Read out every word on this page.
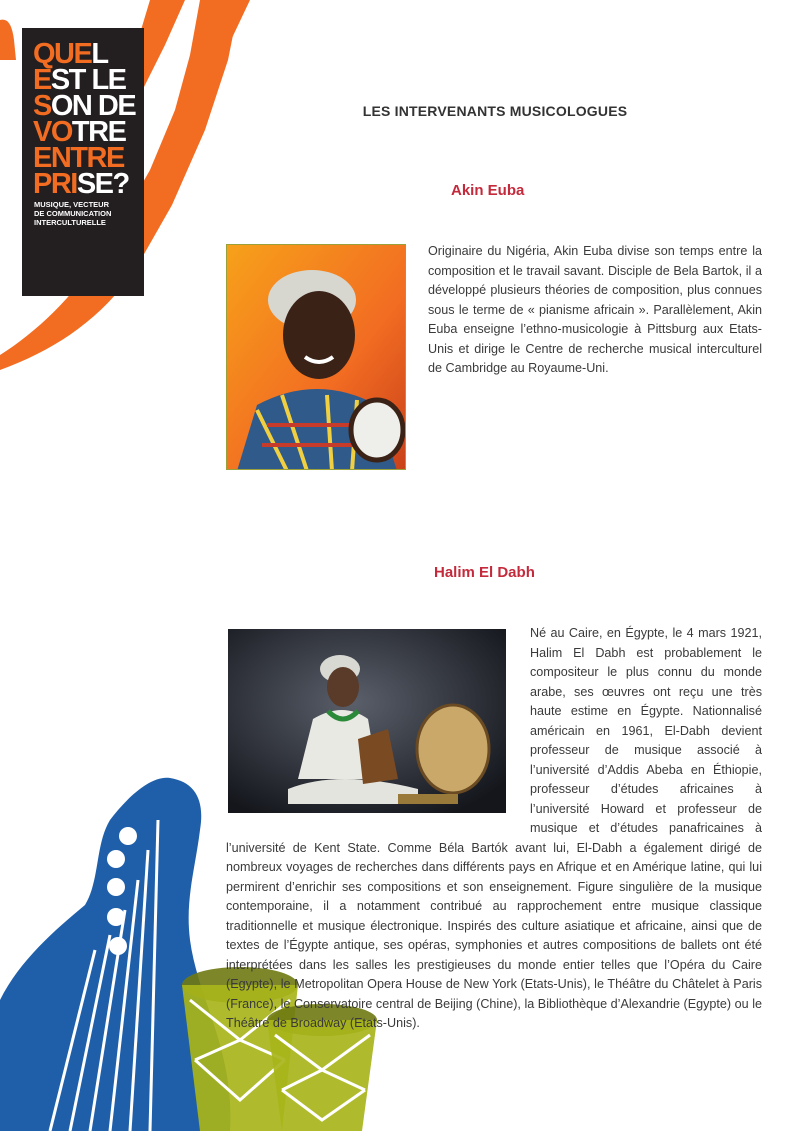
QUEL
EST LE
SON DE
VOTRE
ENTRE
PRISE?
MUSIQUE, VECTEUR
DE COMMUNICATION
INTERCULTURELLE
LES INTERVENANTS MUSICOLOGUES
Akin Euba

Originaire du Nigéria, Akin Euba divise son temps entre la composition et le travail savant. Disciple de Bela Bartok, il a développé plusieurs théories de composition, plus connues sous le terme de « pianisme africain ». Parallèlement, Akin Euba enseigne l’ethno-musicologie à Pittsburg aux Etats-Unis et dirige le Centre de recherche musical interculturel de Cambridge au Royaume-Uni.

Halim El Dabh

Né au Caire, en Égypte, le 4 mars 1921, Halim El Dabh est probablement le compositeur le plus connu du monde arabe, ses œuvres ont reçu une très haute estime en Égypte. Nationnalisé américain en 1961, El-Dabh devient professeur de musique associé à l’université d’Addis Abeba en Éthiopie, professeur d’études africaines à l’université Howard et professeur de musique et d’études panafricaines à l’université de Kent State. Comme Béla Bartók avant lui, El-Dabh a également dirigé de nombreux voyages de recherches dans différents pays en Afrique et en Amérique latine, qui lui permirent d’enrichir ses compositions et son enseignement. Figure singulière de la musique contemporaine, il a notamment contribué au rapprochement entre musique classique traditionnelle et musique électronique. Inspirés des culture asiatique et africaine, ainsi que de textes de l’Égypte antique, ses opéras, symphonies et autres compositions de ballets ont été interprétées dans les salles les prestigieuses du monde entier telles que l’Opéra du Caire (Egypte), le Metropolitan Opera House de New York (Etats-Unis), le Théâtre du Châtelet à Paris (France), le Conservatoire central de Beijing (Chine), la Bibliothèque d’Alexandrie (Egypte) ou le Théâtre de Broadway (Etats-Unis).
